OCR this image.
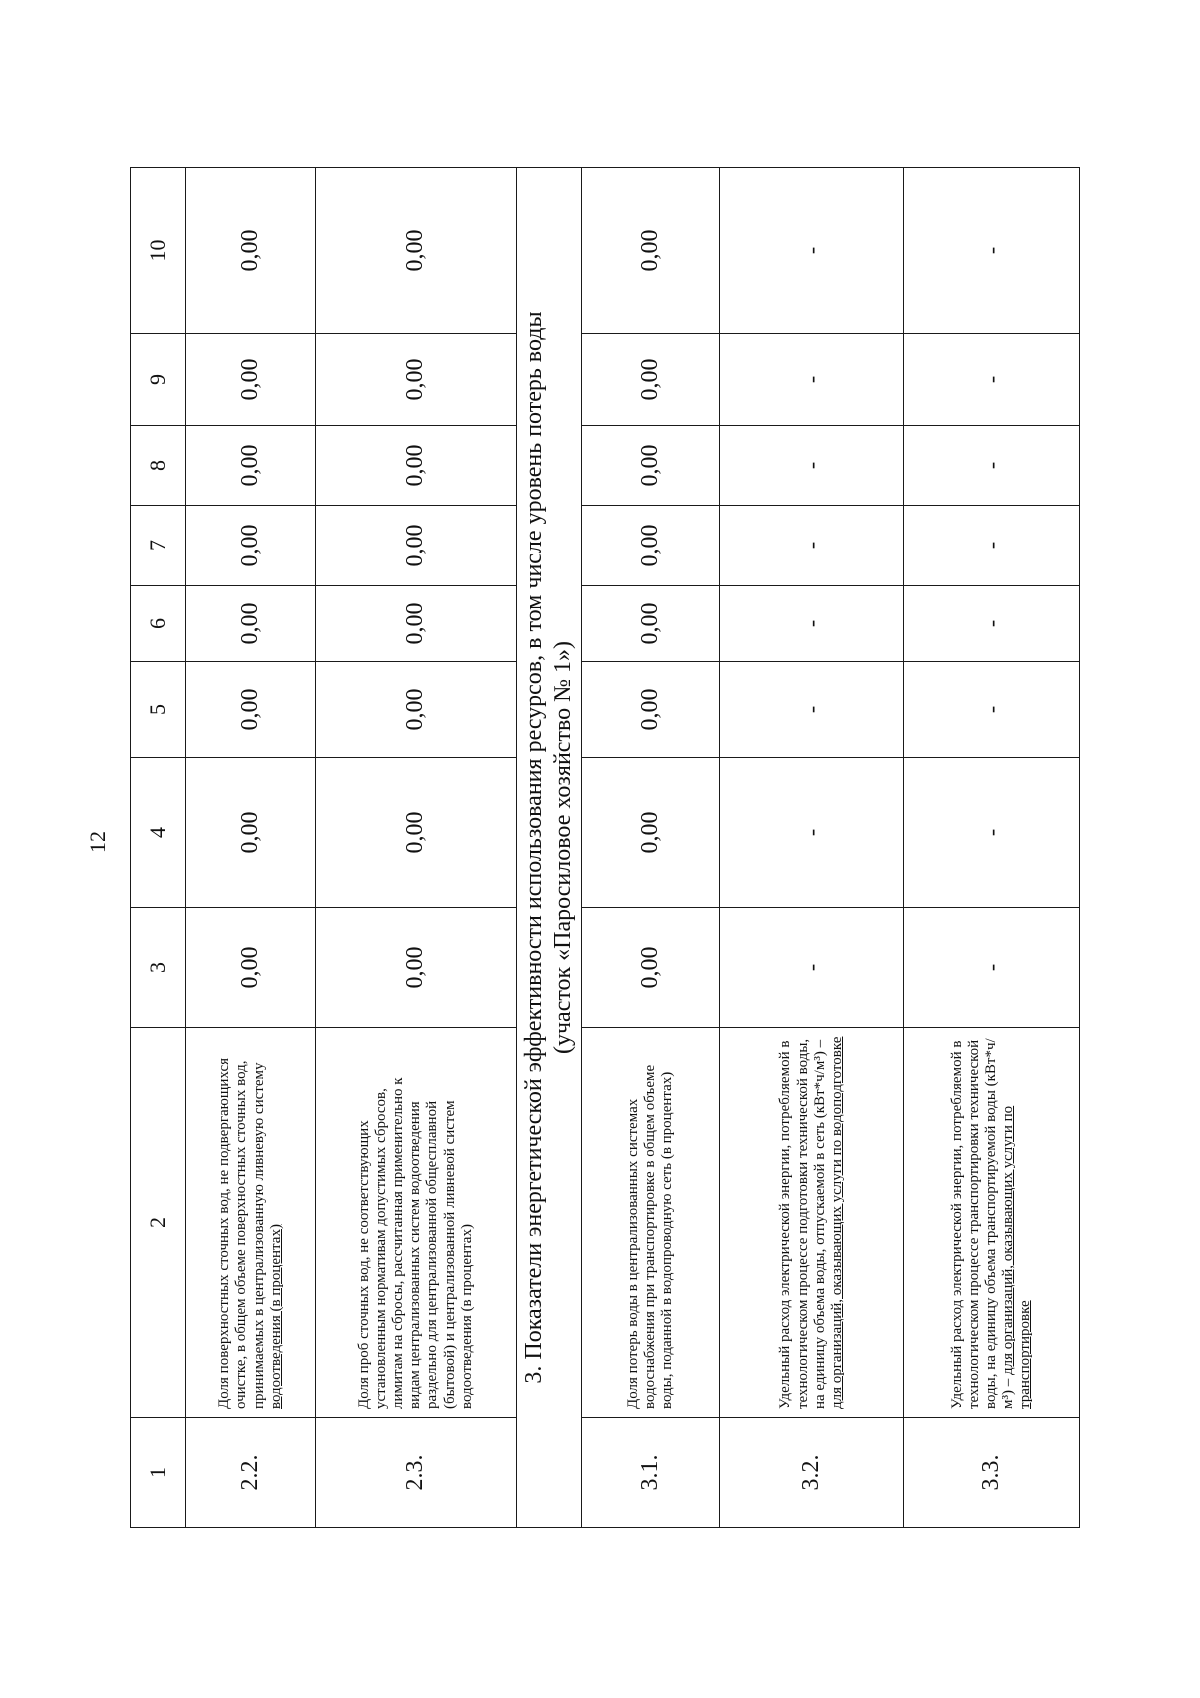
12
1	2	3	4	5	6	7	8	9	10
2.2.	Доля поверхностных сточных вод, не подвергающихся очистке, в общем объеме поверхностных сточных вод, принимаемых в централизованную ливневую систему водоотведения (в процентах)	0,00	0,00	0,00	0,00	0,00	0,00	0,00	0,00
2.3.	Доля проб сточных вод, не соответствующих установленным нормативам допустимых сбросов, лимитам на сбросы, рассчитанная применительно к видам централизованных систем водоотведения раздельно для централизованной общесплавной (бытовой) и централизованной ливневой систем водоотведения (в процентах)	0,00	0,00	0,00	0,00	0,00	0,00	0,00	0,00

3. Показатели энергетической эффективности использования ресурсов, в том числе уровень потерь воды (участок «Паросиловое хозяйство № 1»)									

3.1.	Доля потерь воды в централизованных системах водоснабжения при транспортировке в общем объеме воды, поданной в водопроводную сеть (в процентах)	0,00	0,00	0,00	0,00	0,00	0,00	0,00	0,00
3.2.	Удельный расход электрической энергии, потребляемой в технологическом процессе подготовки технической воды, на единицу объема воды, отпускаемой в сеть (кВт*ч/м³) – для организаций, оказывающих услуги по водоподготовке	-	-	-	-	-	-	-	-
3.3.	Удельный расход электрической энергии, потребляемой в технологическом процессе транспортировки технической воды, на единицу объема транспортируемой воды (кВт*ч/м³) – для организаций, оказывающих услуги по транспортировке	-	-	-	-	-	-	-	-
